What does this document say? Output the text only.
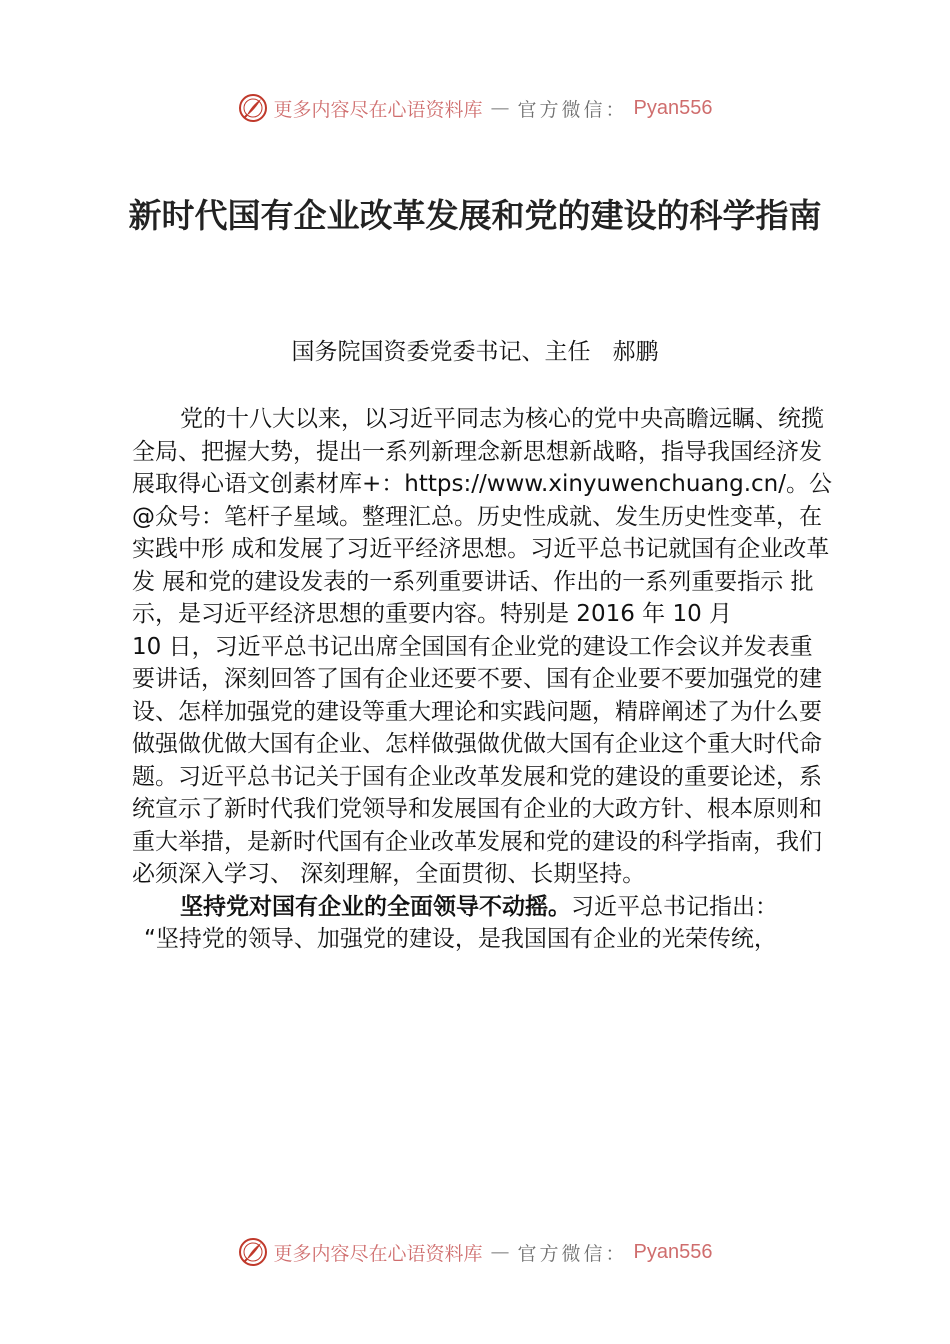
更多内容尽在心语资料库 — 官方微信： Pyan556
新时代国有企业改革发展和党的建设的科学指南
国务院国资委党委书记、主任 郝鹏

党的十八大以来，以习近平同志为核心的党中央高瞻远瞩、统揽全局、把握大势，提出一系列新理念新思想新战略，指导我国经济发展取得心语文创素材库+：https://www.xinyuwenchuang.cn/。公@众号：笔杆子星域。整理汇总。历史性成就、发生历史性变革，在实践中形 成和发展了习近平经济思想。习近平总书记就国有企业改革发 展和党的建设发表的一系列重要讲话、作出的一系列重要指示 批示，是习近平经济思想的重要内容。特别是 2016 年 10 月

10 日，习近平总书记出席全国国有企业党的建设工作会议并发表重要讲话，深刻回答了国有企业还要不要、国有企业要不要加强党的建设、怎样加强党的建设等重大理论和实践问题，精辟阐述了为什么要做强做优做大国有企业、怎样做强做优做大国有企业这个重大时代命题。习近平总书记关于国有企业改革发展和党的建设的重要论述，系统宣示了新时代我们党领导和发展国有企业的大政方针、根本原则和重大举措，是新时代国有企业改革发展和党的建设的科学指南，我们必须深入学习、 深刻理解，全面贯彻、长期坚持。

坚持党对国有企业的全面领导不动摇。习近平总书记指出：

“坚持党的领导、加强党的建设，是我国国有企业的光荣传统，

更多内容尽在心语资料库 — 官方微信： Pyan556
